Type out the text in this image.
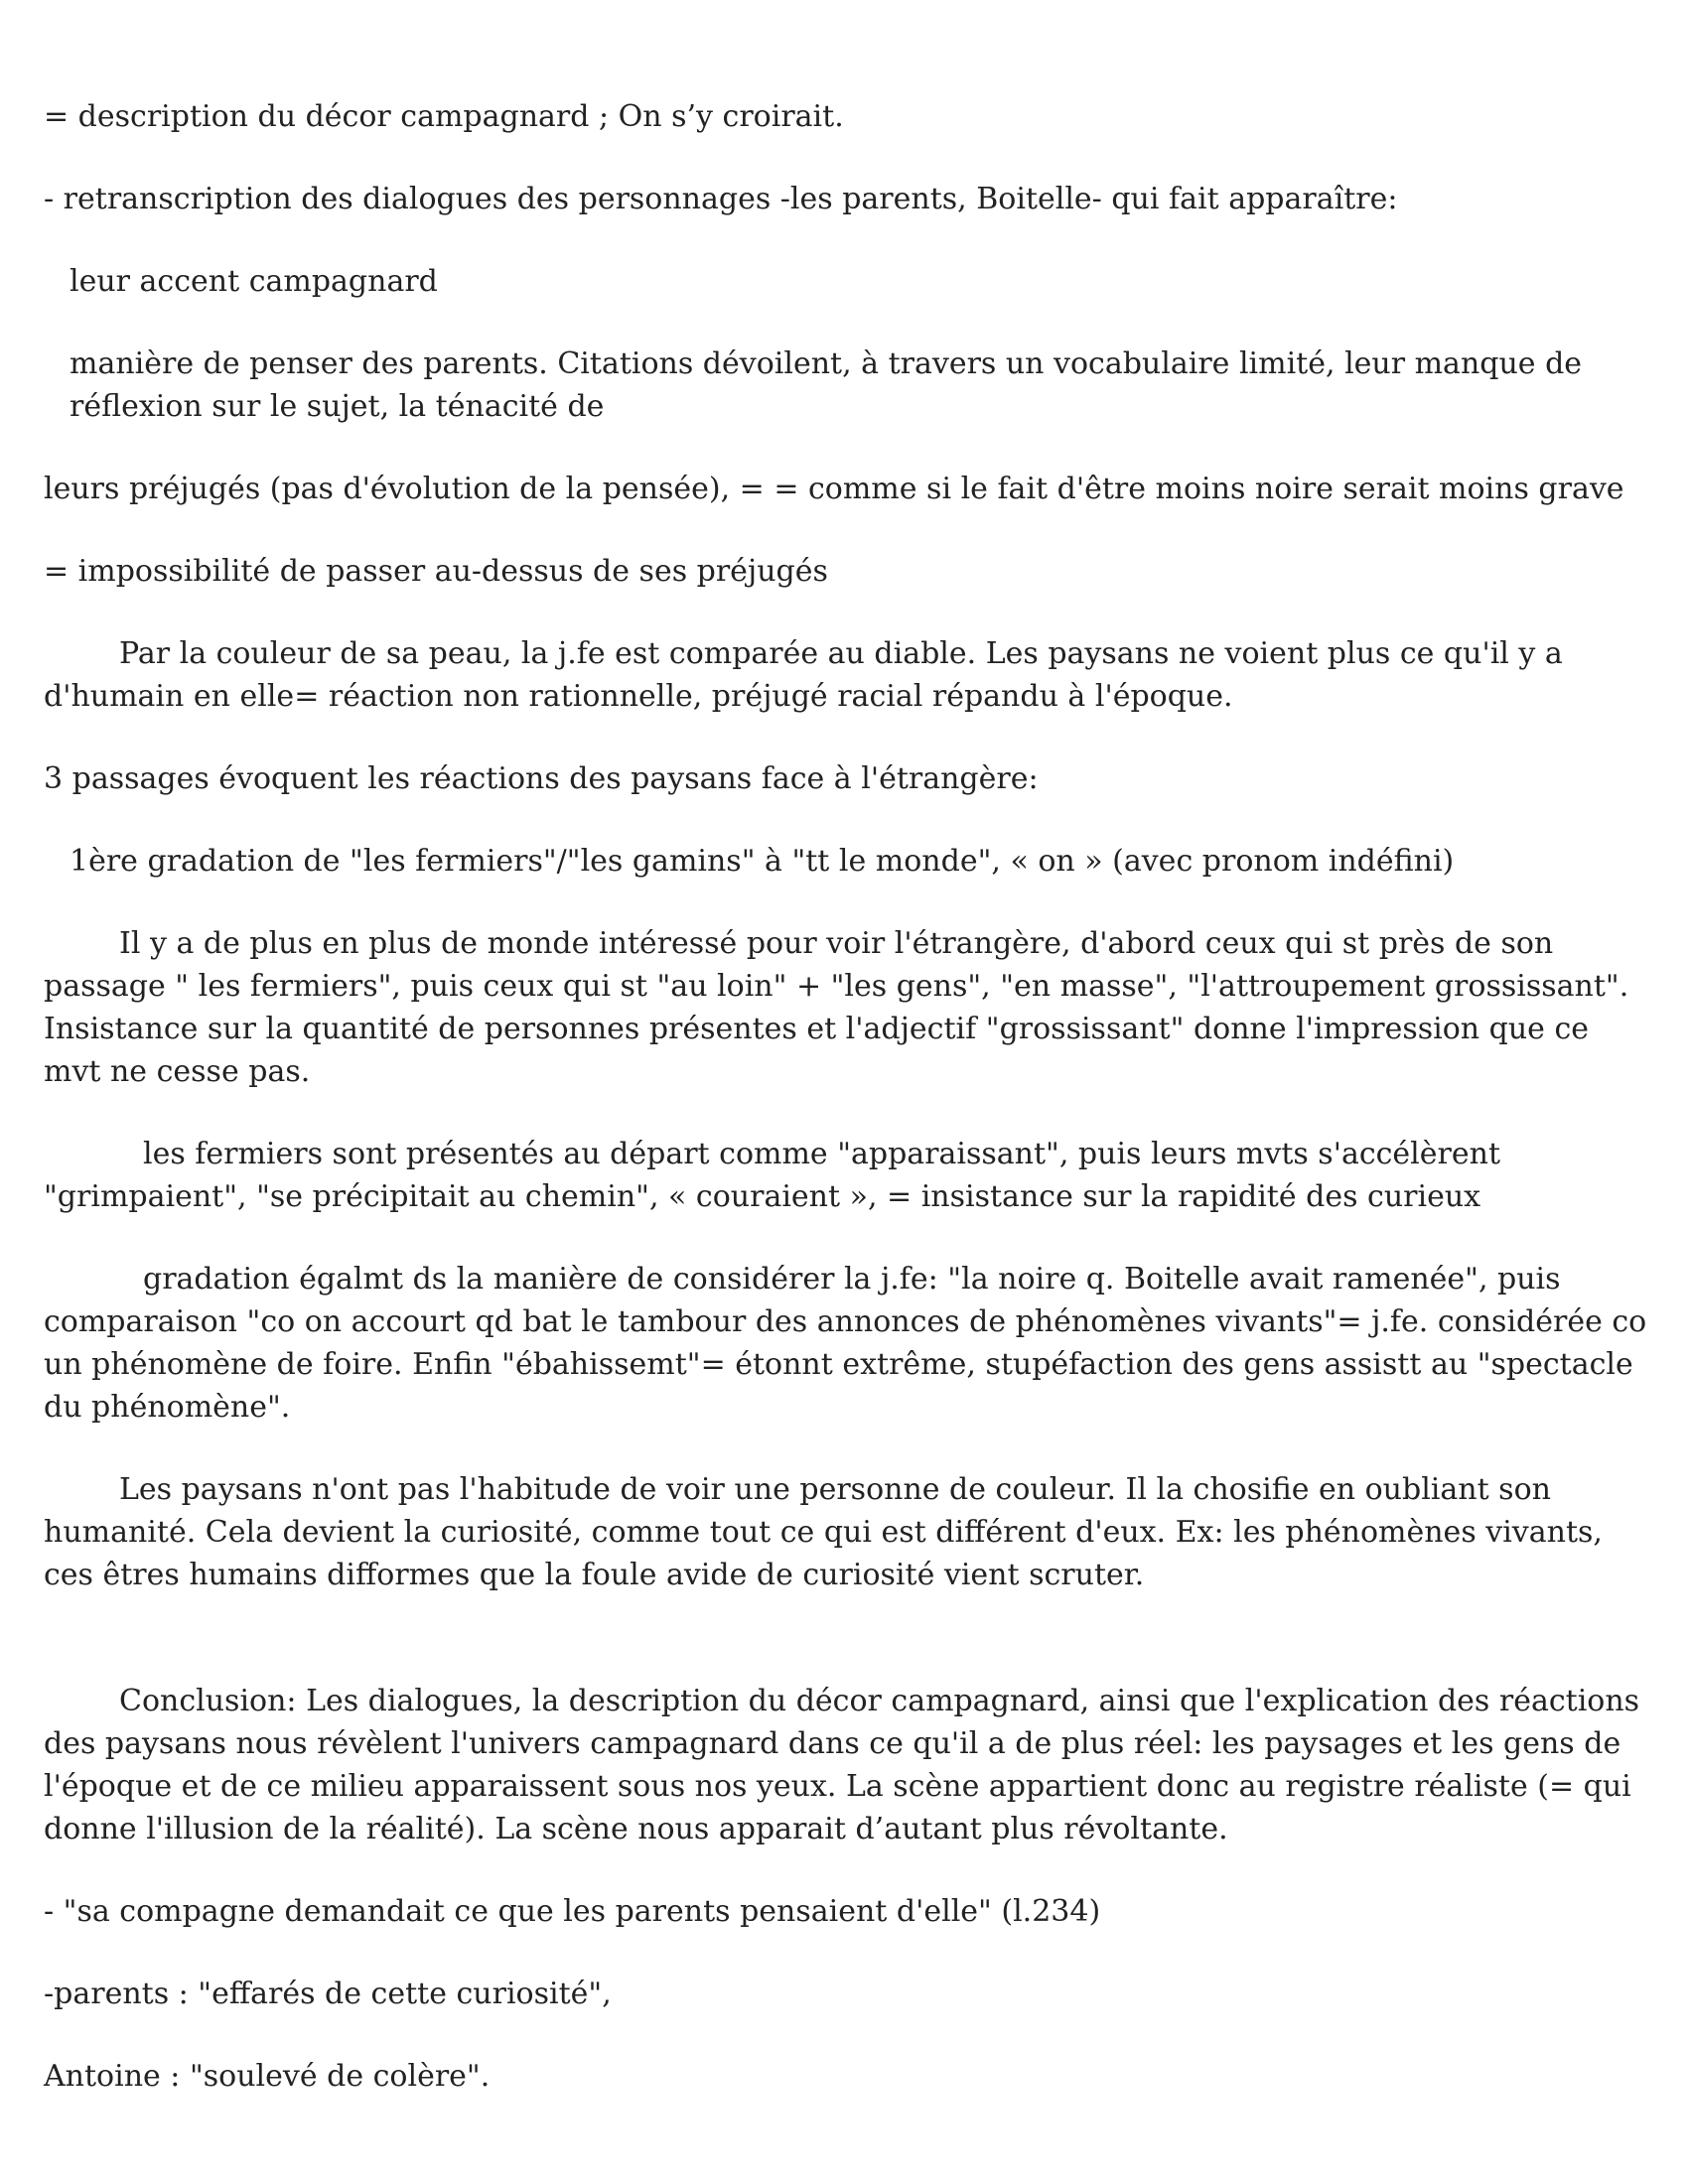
= description du décor campagnard ; On s’y croirait.

- retranscription des dialogues des personnages -les parents, Boitelle- qui fait apparaître:

leur accent campagnard

manière de penser des parents. Citations dévoilent, à travers un vocabulaire limité, leur manque de réflexion sur le sujet, la ténacité de

leurs préjugés (pas d'évolution de la pensée), = = comme si le fait d'être moins noire serait moins grave

= impossibilité de passer au-dessus de ses préjugés

Par la couleur de sa peau, la j.fe est comparée au diable. Les paysans ne voient plus ce qu'il y a d'humain en elle= réaction non rationnelle, préjugé racial répandu à l'époque.

3 passages évoquent les réactions des paysans face à l'étrangère:

1ère gradation de "les fermiers"/"les gamins" à "tt le monde", « on » (avec pronom indéfini)

Il y a de plus en plus de monde intéressé pour voir l'étrangère, d'abord ceux qui st près de son passage " les fermiers", puis ceux qui st "au loin" + "les gens", "en masse", "l'attroupement grossissant". Insistance sur la quantité de personnes présentes et l'adjectif "grossissant" donne l'impression que ce mvt ne cesse pas.

les fermiers sont présentés au départ comme "apparaissant", puis leurs mvts s'accélèrent "grimpaient", "se précipitait au chemin", « couraient », = insistance sur la rapidité des curieux

gradation égalmt ds la manière de considérer la j.fe: "la noire q. Boitelle avait ramenée", puis comparaison "co on accourt qd bat le tambour des annonces de phénomènes vivants"= j.fe. considérée co un phénomène de foire. Enfin "ébahissemt"= étonnt extrême, stupéfaction des gens assistt au "spectacle du phénomène".

Les paysans n'ont pas l'habitude de voir une personne de couleur. Il la chosifie en oubliant son humanité. Cela devient la curiosité, comme tout ce qui est différent d'eux. Ex: les phénomènes vivants, ces êtres humains difformes que la foule avide de curiosité vient scruter.

Conclusion: Les dialogues, la description du décor campagnard, ainsi que l'explication des réactions des paysans nous révèlent l'univers campagnard dans ce qu'il a de plus réel: les paysages et les gens de l'époque et de ce milieu apparaissent sous nos yeux. La scène appartient donc au registre réaliste (= qui donne l'illusion de la réalité). La scène nous apparait d’autant plus révoltante.

- "sa compagne demandait ce que les parents pensaient d'elle" (l.234)

-parents : "effarés de cette curiosité",

Antoine : "soulevé de colère".
